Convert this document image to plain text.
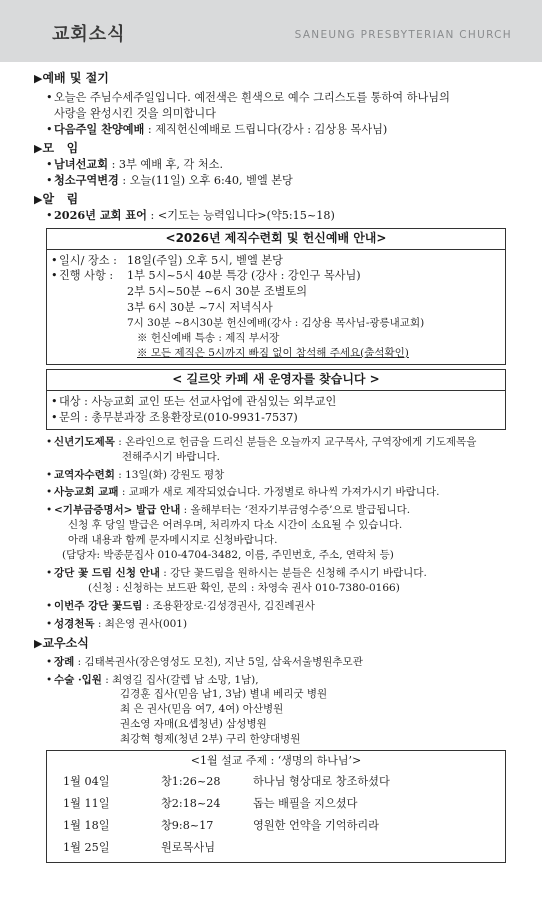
교회소식	SANEUNG PRESBYTERIAN CHURCH
▶예배 및 절기
• 오늘은 주님수세주일입니다. 예전색은 흰색으로 예수 그리스도를 통하여 하나님의
사랑을 완성시킨 것을 의미합니다
• 다음주일 찬양예배 : 제직헌신예배로 드립니다(강사 : 김상용 목사님)
▶모   임
• 남녀선교회 : 3부 예배 후, 각 처소.
• 청소구역변경 : 오늘(11일) 오후 6:40, 벧엘 본당
▶알   림
• 2026년 교회 표어 : <기도는 능력입니다>(약5:15~18)
<2026년 제직수련회 및 헌신예배 안내>
• 일시/ 장소 : 18일(주일) 오후 5시, 벧엘 본당
• 진행 사항 : 1부 5시~5시 40분 특강 (강사 : 강인구 목사님)
2부 5시~50분 ~6시 30분 조별토의
3부 6시 30분 ~7시 저녁식사
7시 30분 ~8시30분 헌신예배(강사 : 김상용 목사님-광릉내교회)
※ 헌신예배 특송 : 제직 부서장
※ 모든 제직은 5시까지 빠짐 없이 참석해 주세요(출석확인)
< 길르앗 카페 새 운영자를 찾습니다 >
• 대상 : 사능교회 교인 또는 선교사업에 관심있는 외부교인
• 문의 : 총무분과장 조용환장로(010-9931-7537)
• 신년기도제목 : 온라인으로 헌금을 드리신 분들은 오늘까지 교구목사, 구역장에게 기도제목을
전해주시기 바랍니다.
• 교역자수련회 : 13일(화) 강원도 평창
• 사능교회 교패 : 교패가 새로 제작되었습니다. 가정별로 하나씩 가져가시기 바랍니다.
• <기부금증명서> 발급 안내 : 올해부터는 ‘전자기부금영수증’으로 발급됩니다.
신청 후 당일 발급은 어려우며, 처리까지 다소 시간이 소요될 수 있습니다.
아래 내용과 함께 문자메시지로 신청바랍니다.
(담당자: 박종문집사 010-4704-3482, 이름, 주민번호, 주소, 연락처 등)
• 강단 꽃 드림 신청 안내 : 강단 꽃드림을 원하시는 분들은 신청해 주시기 바랍니다.
(신청 : 신청하는 보드판 확인, 문의 : 차영숙 권사 010-7380-0166)
• 이번주 강단 꽃드림 : 조용환장로·김성경권사, 김진례권사
• 성경천독 : 최은영 권사(001)
▶교우소식
• 장례 : 김태복권사(장은영성도 모친), 지난 5일, 삼육서울병원추모관
• 수술 ·입원 : 최영길 집사(갈렙 남 소망, 1남),
김경훈 집사(믿음 남1, 3남) 별내 베리굿 병원
최 은 권사(믿음 여7, 4여) 아산병원
권소영 자매(요셉청년) 삼성병원
최강혁 형제(청년 2부) 구리 한양대병원
<1월 설교 주제 : ‘생명의 하나님’>
1월 04일	창1:26~28	하나님 형상대로 창조하셨다
1월 11일	창2:18~24	돕는 배필을 지으셨다
1월 18일	창9:8~17	영원한 언약을 기억하리라
1월 25일	원로목사님
